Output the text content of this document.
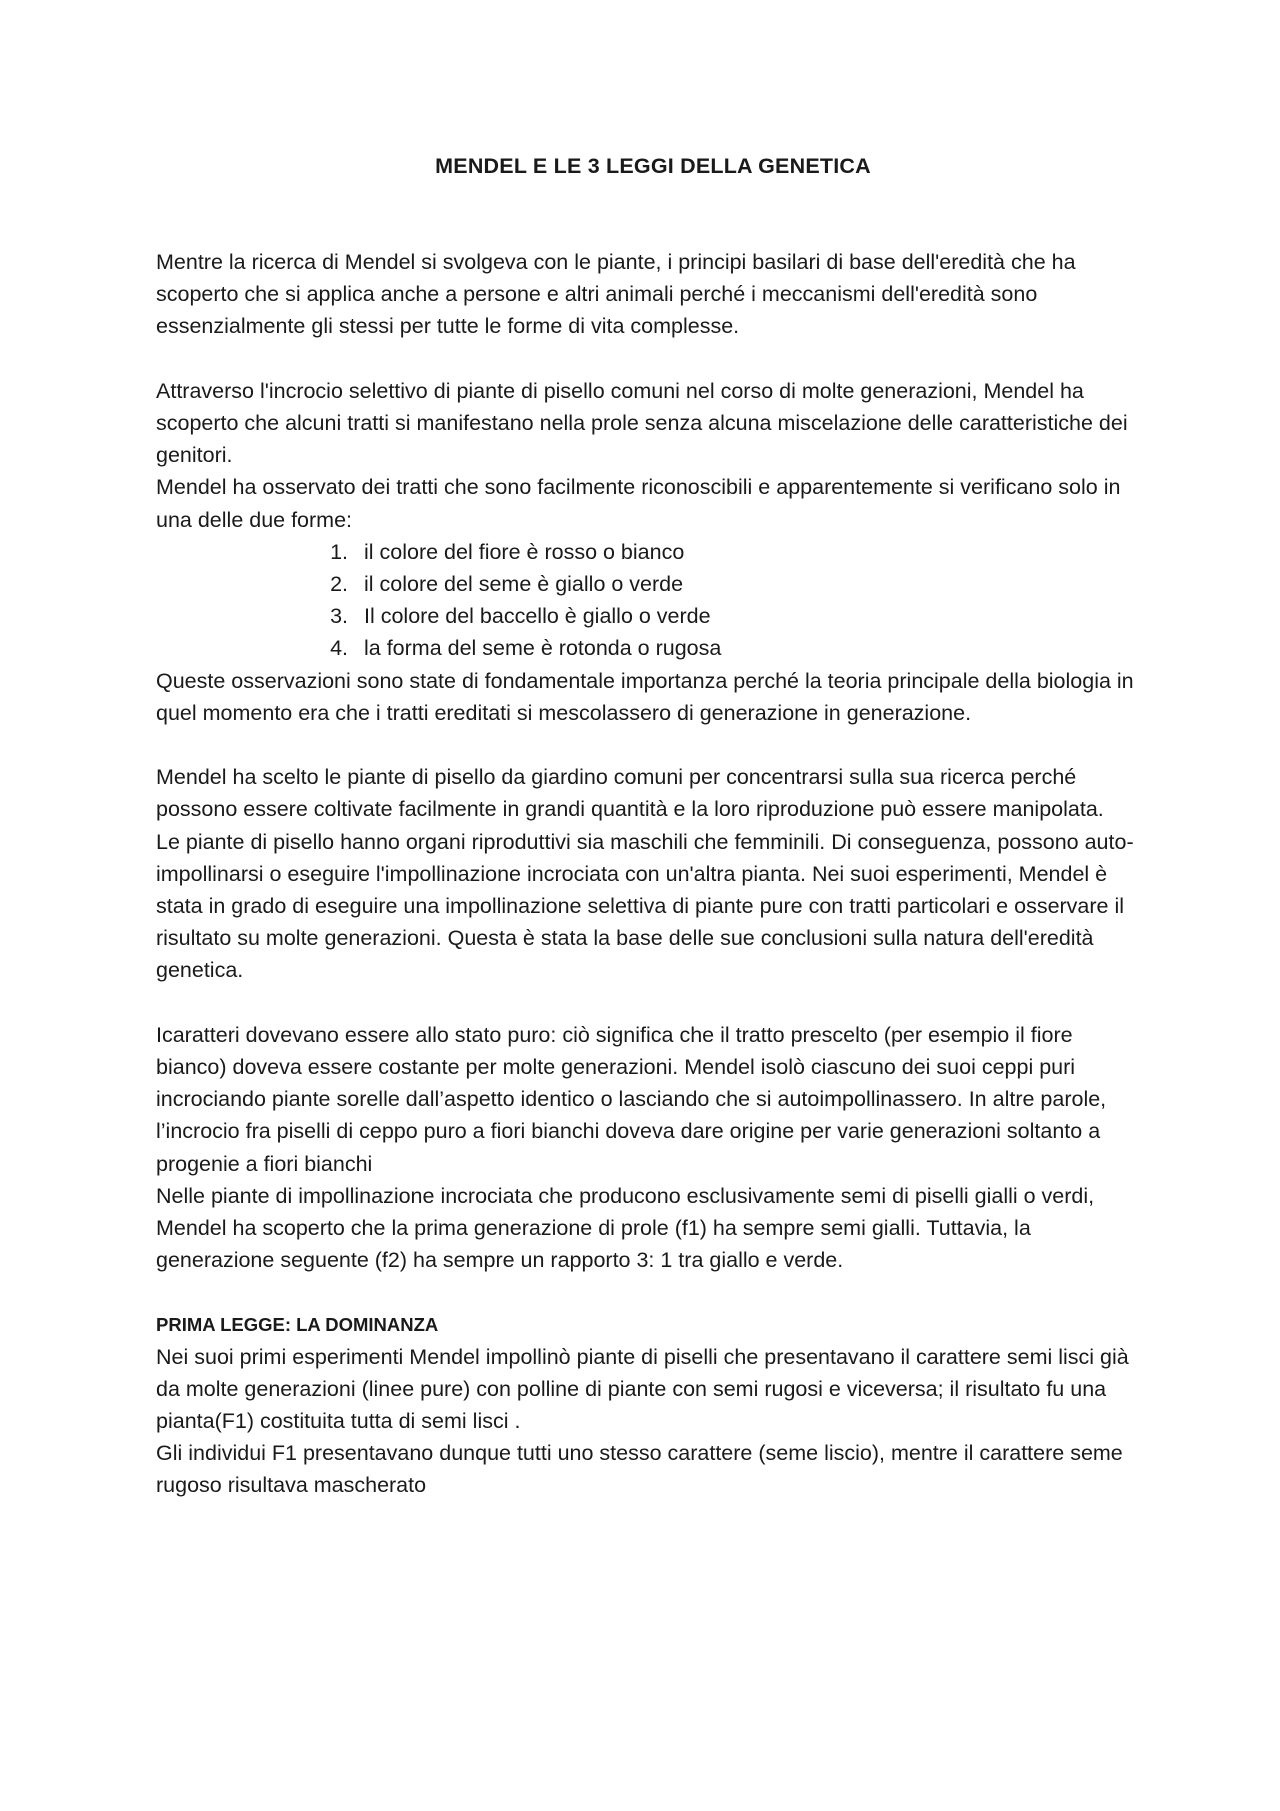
MENDEL E LE 3 LEGGI DELLA GENETICA

Mentre la ricerca di Mendel si svolgeva con le piante, i principi basilari di base dell'eredità che ha scoperto che si applica anche a persone e altri animali perché i meccanismi dell'eredità sono essenzialmente gli stessi per tutte le forme di vita complesse.

Attraverso l'incrocio selettivo di piante di pisello comuni nel corso di molte generazioni, Mendel ha scoperto che alcuni tratti si manifestano nella prole senza alcuna miscelazione delle caratteristiche dei genitori.

Mendel ha osservato dei tratti che sono facilmente riconoscibili e apparentemente si verificano solo in una delle due forme:

1. il colore del fiore è rosso o bianco
2. il colore del seme è giallo o verde
3. Il colore del baccello è giallo o verde
4. la forma del seme è rotonda o rugosa

Queste osservazioni sono state di fondamentale importanza perché la teoria principale della biologia in quel momento era che i tratti ereditati si mescolassero di generazione in generazione.

Mendel ha scelto le piante di pisello da giardino comuni per concentrarsi sulla sua ricerca perché possono essere coltivate facilmente in grandi quantità e la loro riproduzione può essere manipolata.

Le piante di pisello hanno organi riproduttivi sia maschili che femminili. Di conseguenza, possono auto-impollinarsi o eseguire l'impollinazione incrociata con un'altra pianta. Nei suoi esperimenti, Mendel è stata in grado di eseguire una impollinazione selettiva di piante pure con tratti particolari e osservare il risultato su molte generazioni. Questa è stata la base delle sue conclusioni sulla natura dell'eredità genetica.

Icaratteri dovevano essere allo stato puro: ciò significa che il tratto prescelto (per esempio il fiore bianco) doveva essere costante per molte generazioni. Mendel isolò ciascuno dei suoi ceppi puri incrociando piante sorelle dall’aspetto identico o lasciando che si autoimpollinassero. In altre parole, l’incrocio fra piselli di ceppo puro a fiori bianchi doveva dare origine per varie generazioni soltanto a progenie a fiori bianchi

Nelle piante di impollinazione incrociata che producono esclusivamente semi di piselli gialli o verdi, Mendel ha scoperto che la prima generazione di prole (f1) ha sempre semi gialli. Tuttavia, la generazione seguente (f2) ha sempre un rapporto 3: 1 tra giallo e verde.

PRIMA LEGGE: LA DOMINANZA

Nei suoi primi esperimenti Mendel impollinò piante di piselli che presentavano il carattere semi lisci già da molte generazioni (linee pure) con polline di piante con semi rugosi e viceversa; il risultato fu una pianta(F1) costituita tutta di semi lisci .

Gli individui F1 presentavano dunque tutti uno stesso carattere (seme liscio), mentre il carattere seme rugoso risultava mascherato
